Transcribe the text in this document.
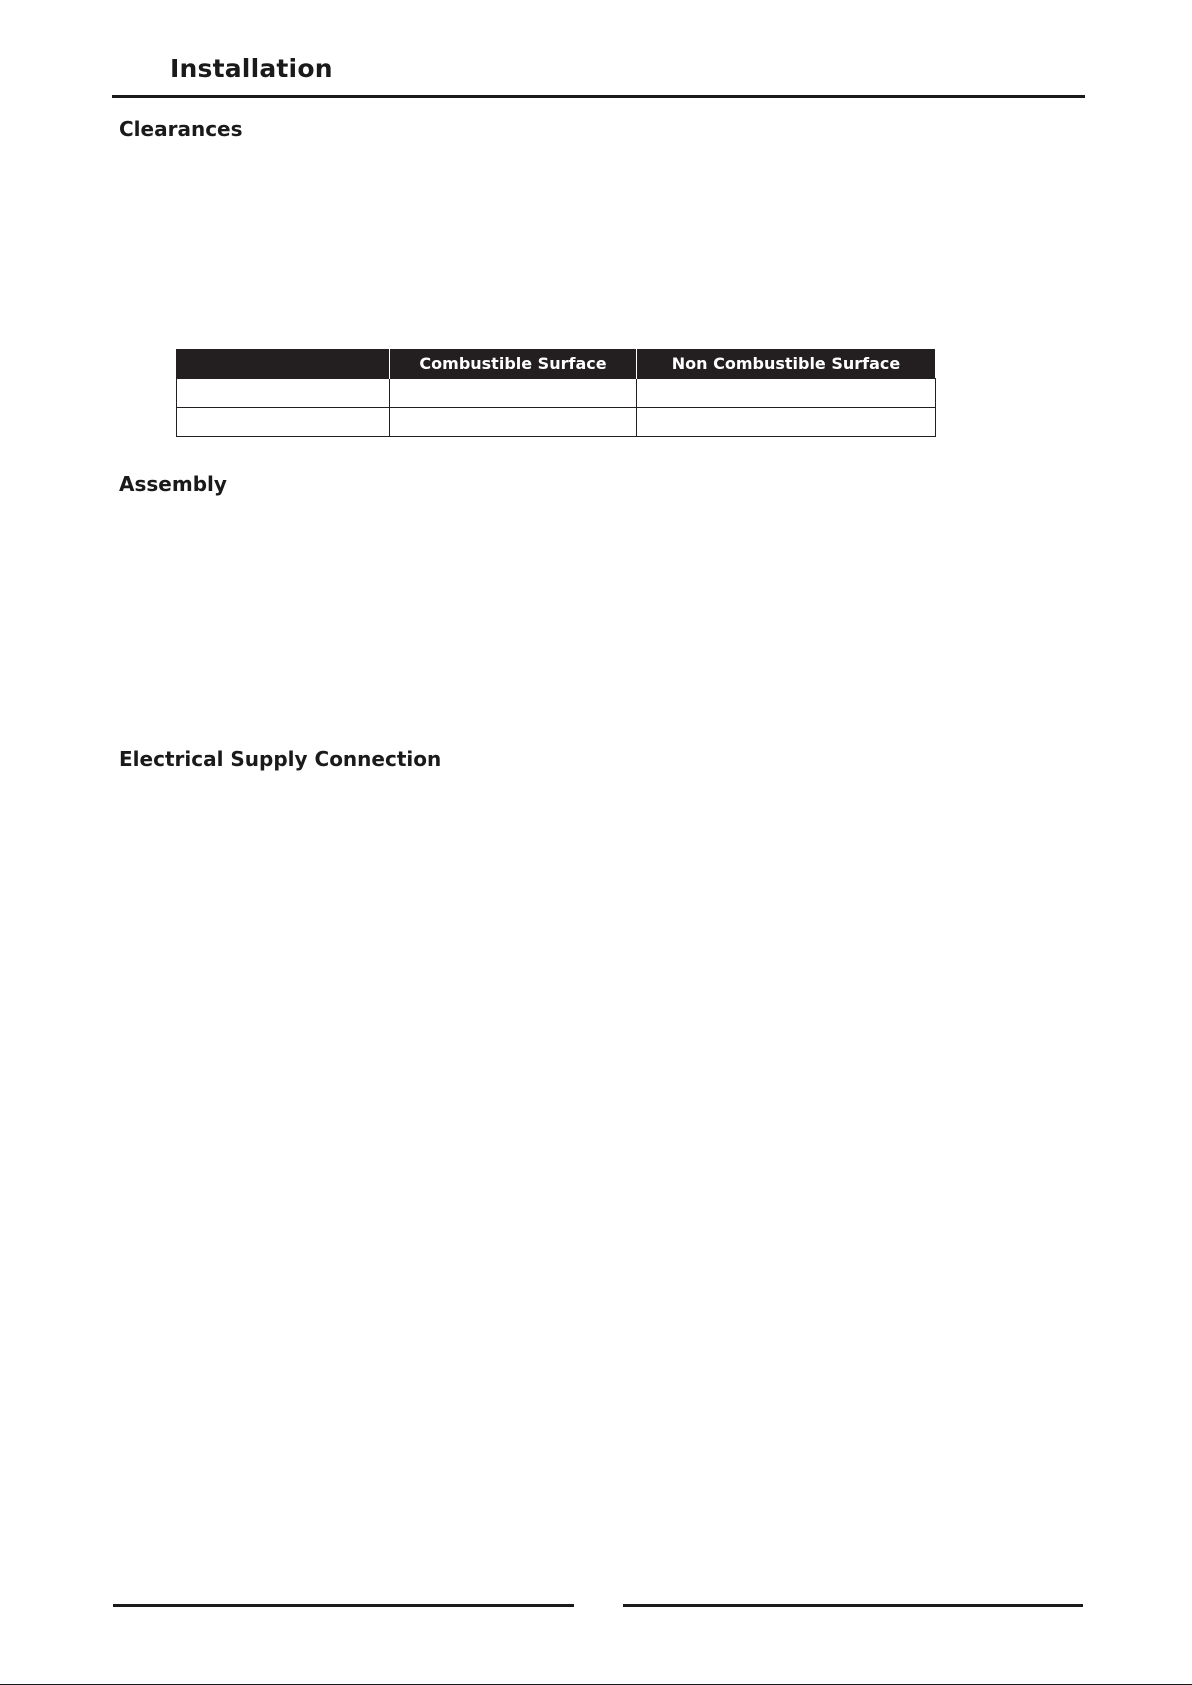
Installation
Clearances
	Combustible Surface	Non Combustible Surface

Assembly
Electrical Supply Connection
